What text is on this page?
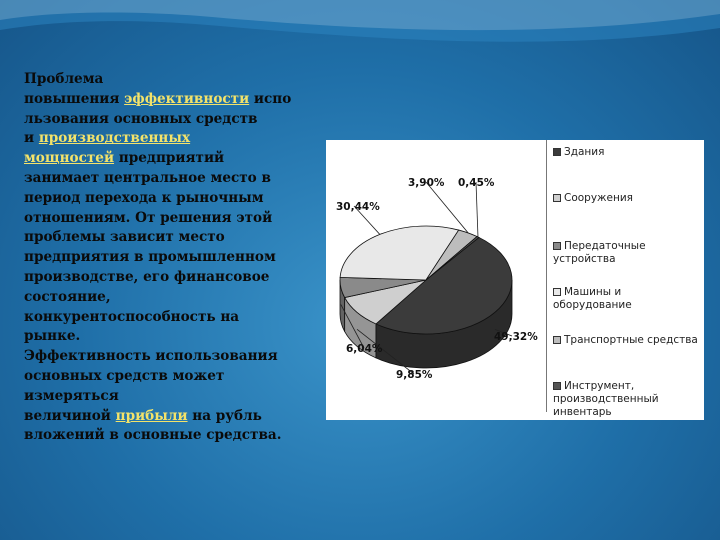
Проблема
повышения эффективности испо
льзования основных средств
и производственных
мощностей предприятий
занимает центральное место в
период перехода к рыночным
отношениям. От решения этой
проблемы зависит место
предприятия в промышленном
производстве, его финансовое
состояние,
конкурентоспособность на
рынке.
Эффективность использования
основных средств может
измеряться
величиной прибыли на рубль
вложений в основные средства.

49,32%
9,85%
6,04%
30,44%
3,90% 0,45%
Здания
Сооружения
Передаточные устройства
Машины и оборудование
Транспортные средства
Инструмент, производственный инвентарь
